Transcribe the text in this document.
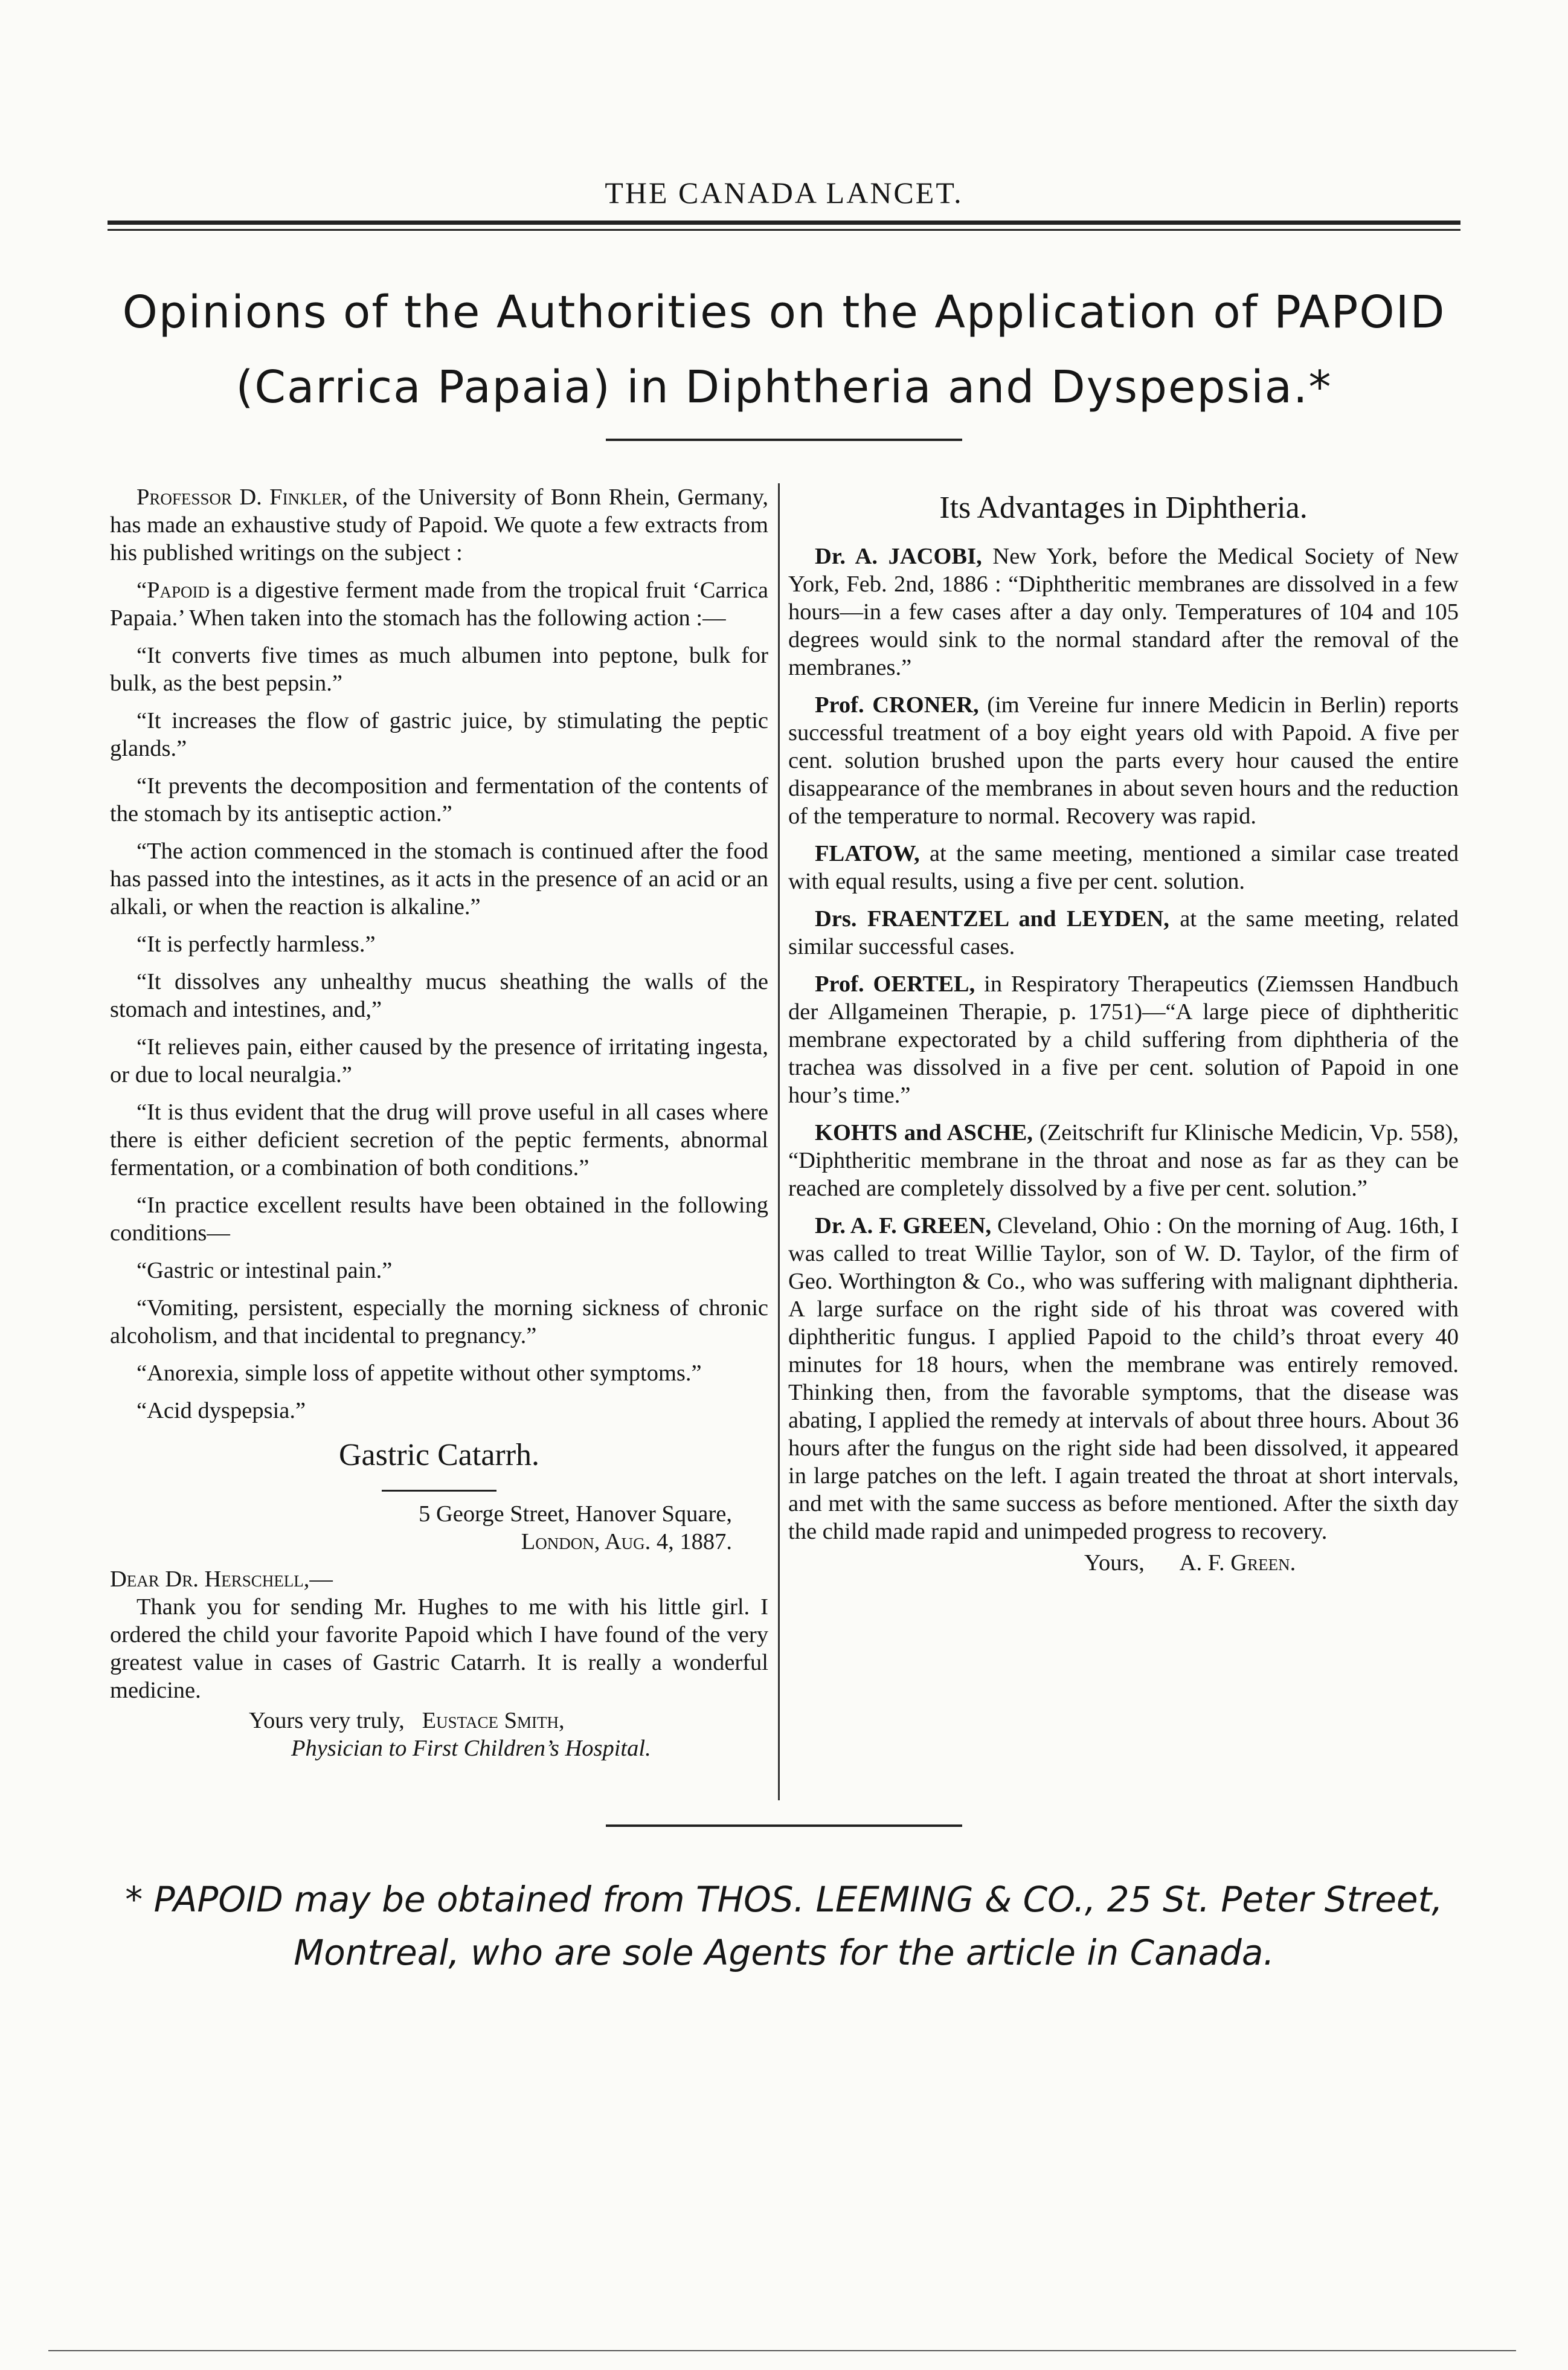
THE CANADA LANCET.
Opinions of the Authorities on the Application of PAPOID
(Carrica Papaia) in Diphtheria and Dyspepsia.*

Professor D. Finkler, of the University of Bonn Rhein, Germany, has made an exhaustive study of Papoid. We quote a few extracts from his published writings on the subject :

“Papoid is a digestive ferment made from the tropical fruit ‘Carrica Papaia.’ When taken into the stomach has the following action :—

“It converts five times as much albumen into peptone, bulk for bulk, as the best pepsin.”

“It increases the flow of gastric juice, by stimulating the peptic glands.”

“It prevents the decomposition and fermentation of the contents of the stomach by its antiseptic action.”

“The action commenced in the stomach is continued after the food has passed into the intestines, as it acts in the presence of an acid or an alkali, or when the reaction is alkaline.”

“It is perfectly harmless.”

“It dissolves any unhealthy mucus sheathing the walls of the stomach and intestines, and,”

“It relieves pain, either caused by the presence of irritating ingesta, or due to local neuralgia.”

“It is thus evident that the drug will prove useful in all cases where there is either deficient secretion of the peptic ferments, abnormal fermentation, or a combination of both conditions.”

“In practice excellent results have been obtained in the following conditions—

“Gastric or intestinal pain.”

“Vomiting, persistent, especially the morning sickness of chronic alcoholism, and that incidental to pregnancy.”

“Anorexia, simple loss of appetite without other symptoms.”

“Acid dyspepsia.”

Gastric Catarrh.

5 George Street, Hanover Square,

London, Aug. 4, 1887.

Dear Dr. Herschell,—

Thank you for sending Mr. Hughes to me with his little girl. I ordered the child your favorite Papoid which I have found of the very greatest value in cases of Gastric Catarrh. It is really a wonderful medicine.

Yours very truly, Eustace Smith,

Physician to First Children’s Hospital.

Its Advantages in Diphtheria.

Dr. A. JACOBI, New York, before the Medical Society of New York, Feb. 2nd, 1886 : “Diphtheritic membranes are dissolved in a few hours—in a few cases after a day only. Temperatures of 104 and 105 degrees would sink to the normal standard after the removal of the membranes.”

Prof. CRONER, (im Vereine fur innere Medicin in Berlin) reports successful treatment of a boy eight years old with Papoid. A five per cent. solution brushed upon the parts every hour caused the entire disappearance of the membranes in about seven hours and the reduction of the temperature to normal. Recovery was rapid.

FLATOW, at the same meeting, mentioned a similar case treated with equal results, using a five per cent. solution.

Drs. FRAENTZEL and LEYDEN, at the same meeting, related similar successful cases.

Prof. OERTEL, in Respiratory Therapeutics (Ziemssen Handbuch der Allgameinen Therapie, p. 1751)—“A large piece of diphtheritic membrane expectorated by a child suffering from diphtheria of the trachea was dissolved in a five per cent. solution of Papoid in one hour’s time.”

KOHTS and ASCHE, (Zeitschrift fur Klinische Medicin, Vp. 558), “Diphtheritic membrane in the throat and nose as far as they can be reached are completely dissolved by a five per cent. solution.”

Dr. A. F. GREEN, Cleveland, Ohio : On the morning of Aug. 16th, I was called to treat Willie Taylor, son of W. D. Taylor, of the firm of Geo. Worthington & Co., who was suffering with malignant diphtheria. A large surface on the right side of his throat was covered with diphtheritic fungus. I applied Papoid to the child’s throat every 40 minutes for 18 hours, when the membrane was entirely removed. Thinking then, from the favorable symptoms, that the disease was abating, I applied the remedy at intervals of about three hours. About 36 hours after the fungus on the right side had been dissolved, it appeared in large patches on the left. I again treated the throat at short intervals, and met with the same success as before mentioned. After the sixth day the child made rapid and unimpeded progress to recovery.

Yours, A. F. Green.

* PAPOID may be obtained from THOS. LEEMING & CO., 25 St. Peter Street,
Montreal, who are sole Agents for the article in Canada.
